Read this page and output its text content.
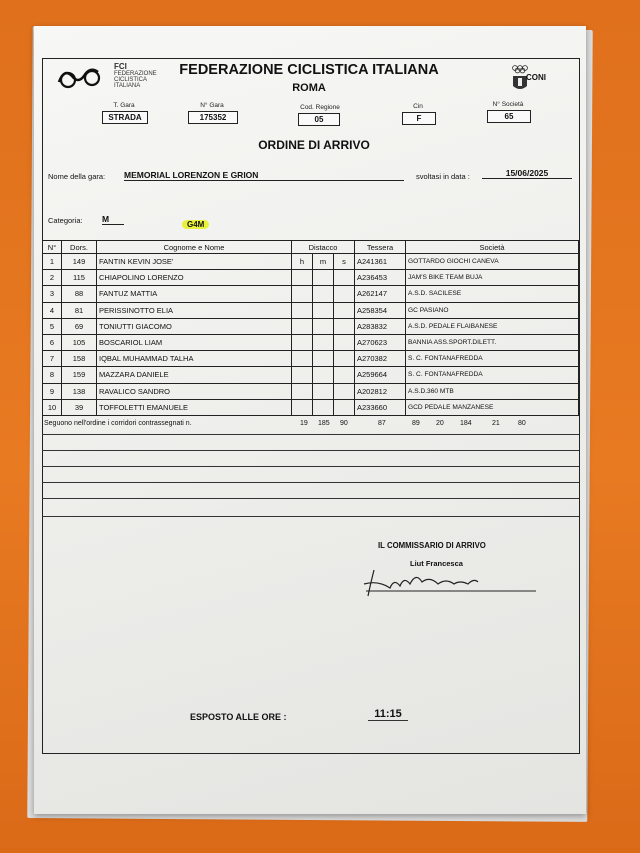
FCI
FEDERAZIONE
CICLISTICA
ITALIANA
FEDERAZIONE CICLISTICA ITALIANA
ROMA
CONI
T. Gara
STRADA
N° Gara
175352
Cod. Regione
05
Cin
F
N° Società
65
ORDINE DI ARRIVO
Nome della gara: MEMORIAL LORENZON E GRION	svoltasi in data :	15/06/2025
Categoria: M
G4M
N°	Dors.	Cognome e Nome	Distacco			Tessera	Società
1	149	FANTIN KEVIN JOSE'	h	m	s	A241361	GOTTARDO GIOCHI CANEVA
2	115	CHIAPOLINO LORENZO				A236453	JAM'S BIKE TEAM BUJA
3	88	FANTUZ MATTIA				A262147	A.S.D. SACILESE
4	81	PERISSINOTTO ELIA				A258354	GC PASIANO
5	69	TONIUTTI GIACOMO				A283832	A.S.D. PEDALE FLAIBANESE
6	105	BOSCARIOL LIAM				A270623	BANNIA ASS.SPORT.DILETT.
7	158	IQBAL MUHAMMAD TALHA				A270382	S. C. FONTANAFREDDA
8	159	MAZZARA DANIELE				A259664	S. C. FONTANAFREDDA
9	138	RAVALICO SANDRO				A202812	A.S.D.360 MTB
10	39	TOFFOLETTI EMANUELE				A233660	GCD PEDALE MANZANESE
Seguono nell'ordine i corridori contrassegnati n.	19 185 90	87	89 20 184	21	80
IL COMMISSARIO DI ARRIVO
Liut Francesca
ESPOSTO ALLE ORE :	11:15
